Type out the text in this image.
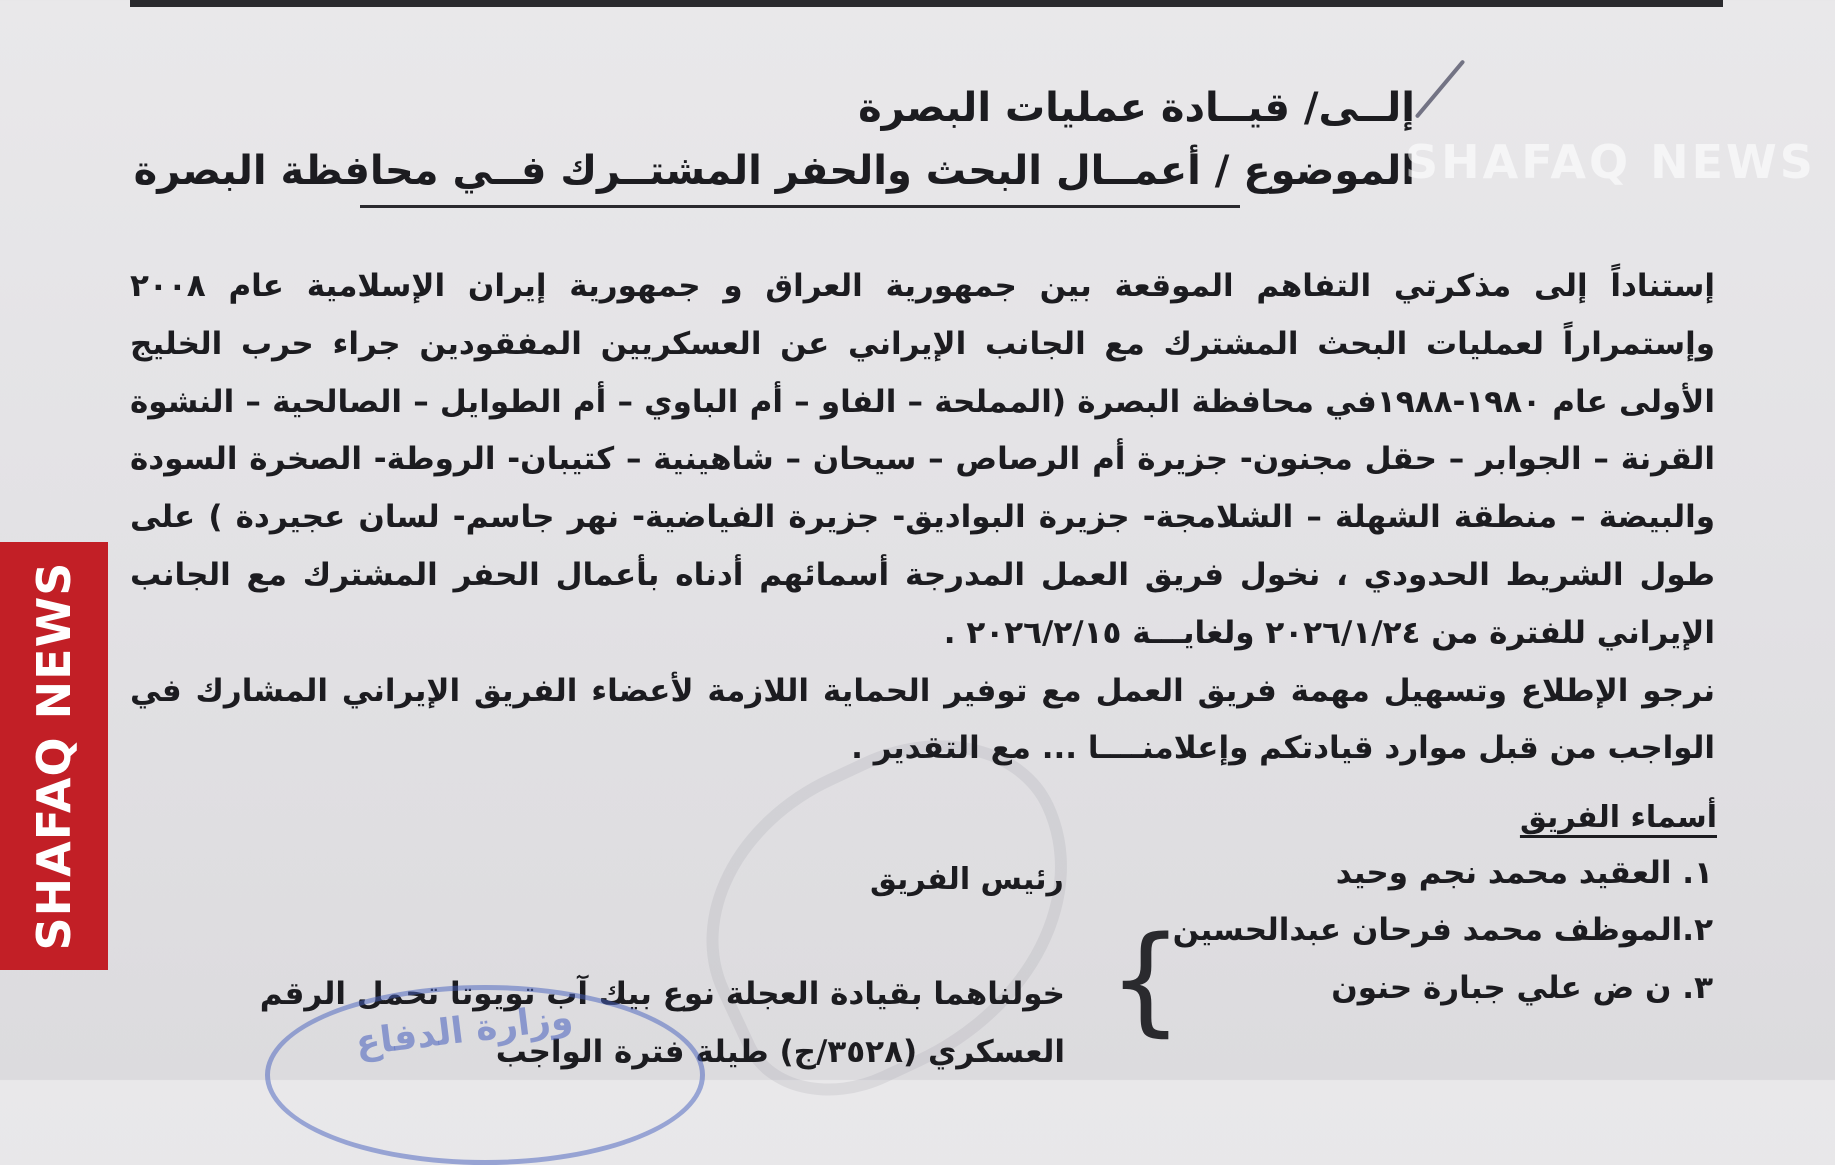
إلــى/ قيــادة عمليات البصرة
الموضوع / أعمــال البحث والحفر المشتــرك فــي محافظة البصرة
SHAFAQ NEWS
SHAFAQ NEWS

إستناداً إلى مذكرتي التفاهم الموقعة بين جمهورية العراق و جمهورية إيران الإسلامية عام ٢٠٠٨ وإستمراراً لعمليات البحث المشترك مع الجانب الإيراني عن العسكريين المفقودين جراء حرب الخليج الأولى عام ١٩٨٠-١٩٨٨في محافظة البصرة (المملحة – الفاو – أم الباوي – أم الطوايل – الصالحية – النشوة القرنة – الجوابر – حقل مجنون- جزيرة أم الرصاص – سيحان – شاهينية – كتيبان- الروطة- الصخرة السودة والبيضة – منطقة الشهلة – الشلامجة- جزيرة البواديق- جزيرة الفياضية- نهر جاسم- لسان عجيردة ) على طول الشريط الحدودي ، نخول فريق العمل المدرجة أسمائهم أدناه بأعمال الحفر المشترك مع الجانب الإيراني للفترة من ٢٠٢٦/١/٢٤ ولغايـــة ٢٠٢٦/٢/١٥ .

نرجو الإطلاع وتسهيل مهمة فريق العمل مع توفير الحماية اللازمة لأعضاء الفريق الإيراني المشارك في الواجب من قبل موارد قيادتكم وإعلامنــــا ... مع التقدير .

أسماء الفريق
١. العقيد محمد نجم وحيد
٢.الموظف محمد فرحان عبدالحسين
٣. ن ض علي جبارة حنون
رئيس الفريق
{
خولناهما بقيادة العجلة نوع بيك آب تويوتا تحمل الرقم العسكري (٣٥٢٨/ج) طيلة فترة الواجب
وزارة الدفاع
